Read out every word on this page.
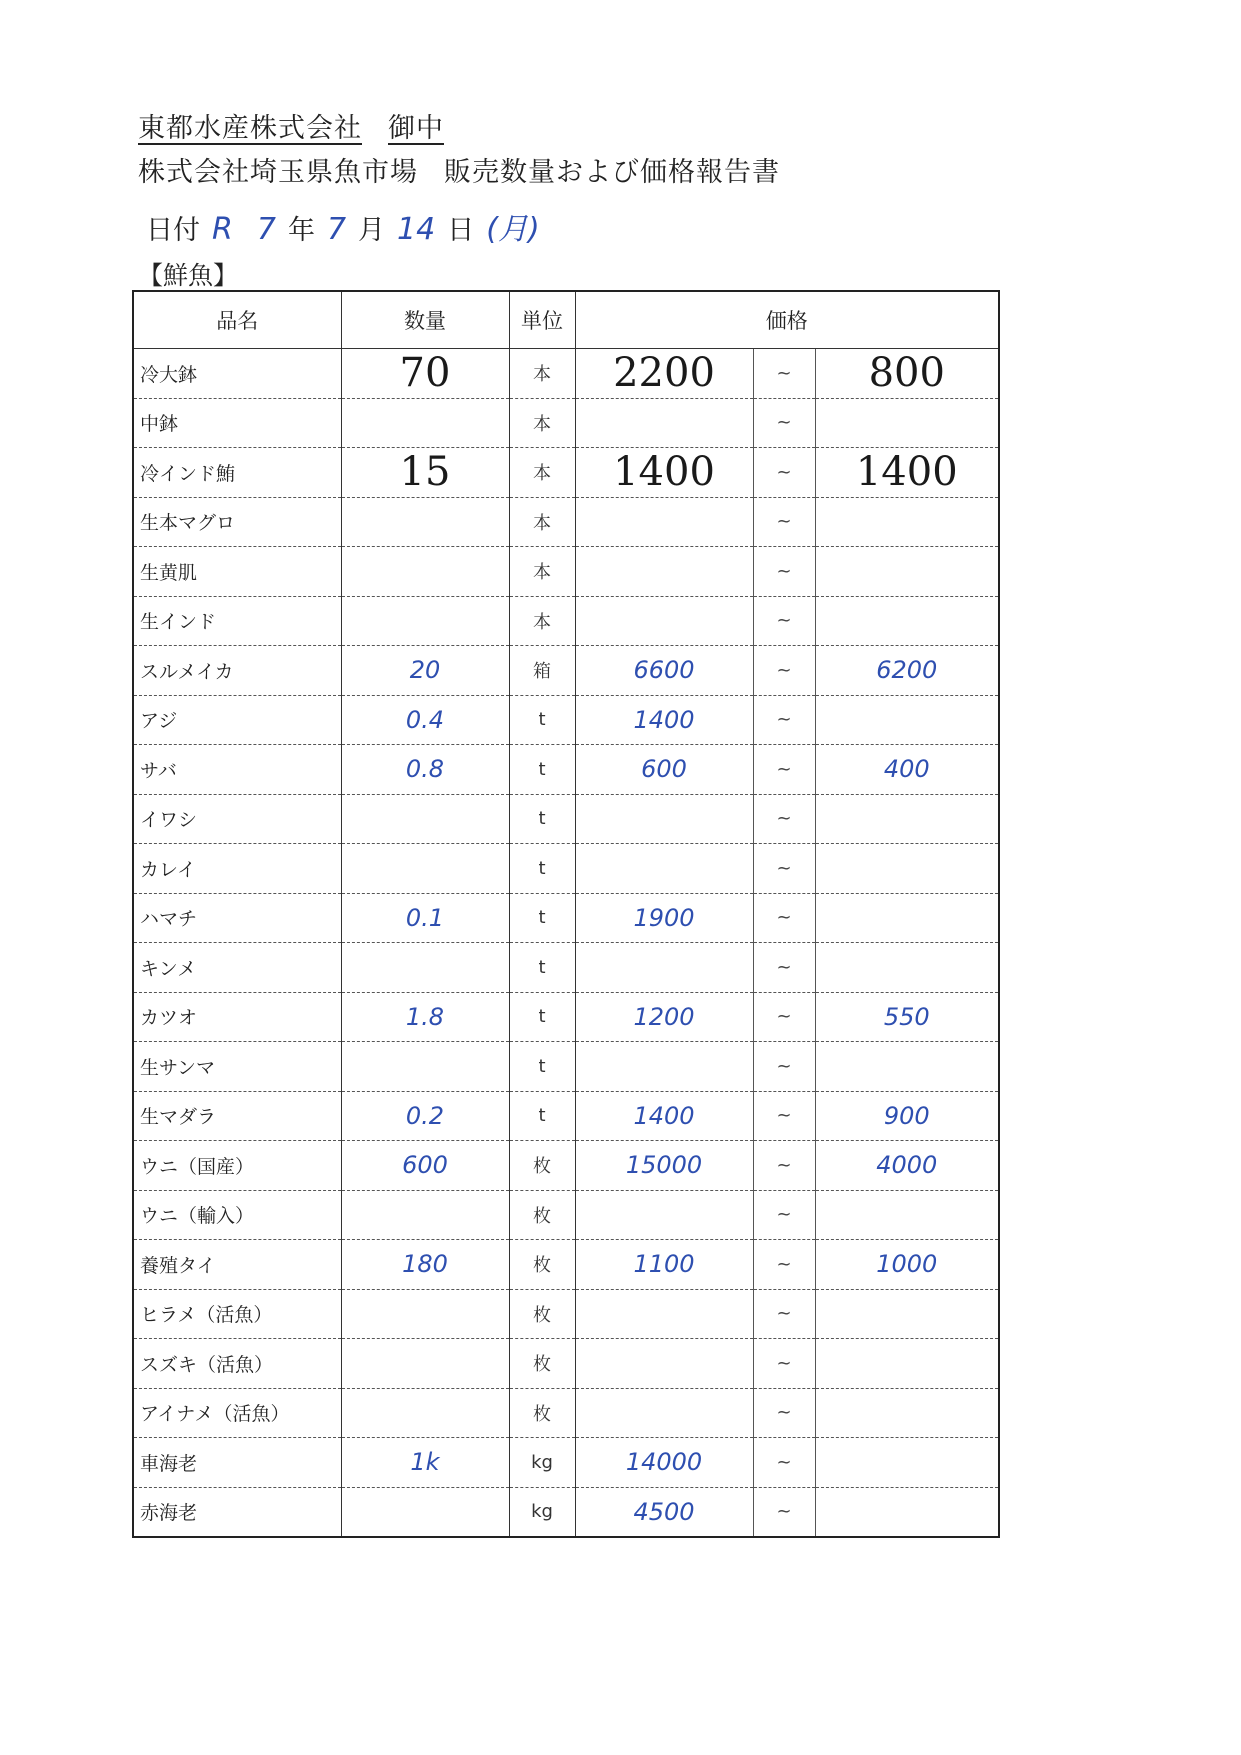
東都水産株式会社 御中
株式会社埼玉県魚市場 販売数量および価格報告書
日付 R 7 年 7 月 14 日 (月)
【鮮魚】
品名	数量	単位	価格		
冷大鉢	70	本	2200	~	800
中鉢		本		~	
冷インド鮪	15	本	1400	~	1400
生本マグロ		本		~	
生黄肌		本		~	
生インド		本		~	
スルメイカ	20	箱	6600	~	6200
アジ	0.4	t	1400	~	
サバ	0.8	t	600	~	400
イワシ		t		~	
カレイ		t		~	
ハマチ	0.1	t	1900	~	
キンメ		t		~	
カツオ	1.8	t	1200	~	550
生サンマ		t		~	
生マダラ	0.2	t	1400	~	900
ウニ（国産）	600	枚	15000	~	4000
ウニ（輸入）		枚		~	
養殖タイ	180	枚	1100	~	1000
ヒラメ（活魚）		枚		~	
スズキ（活魚）		枚		~	
アイナメ（活魚）		枚		~	
車海老	1k	kg	14000	~	
赤海老		kg	4500	~	
